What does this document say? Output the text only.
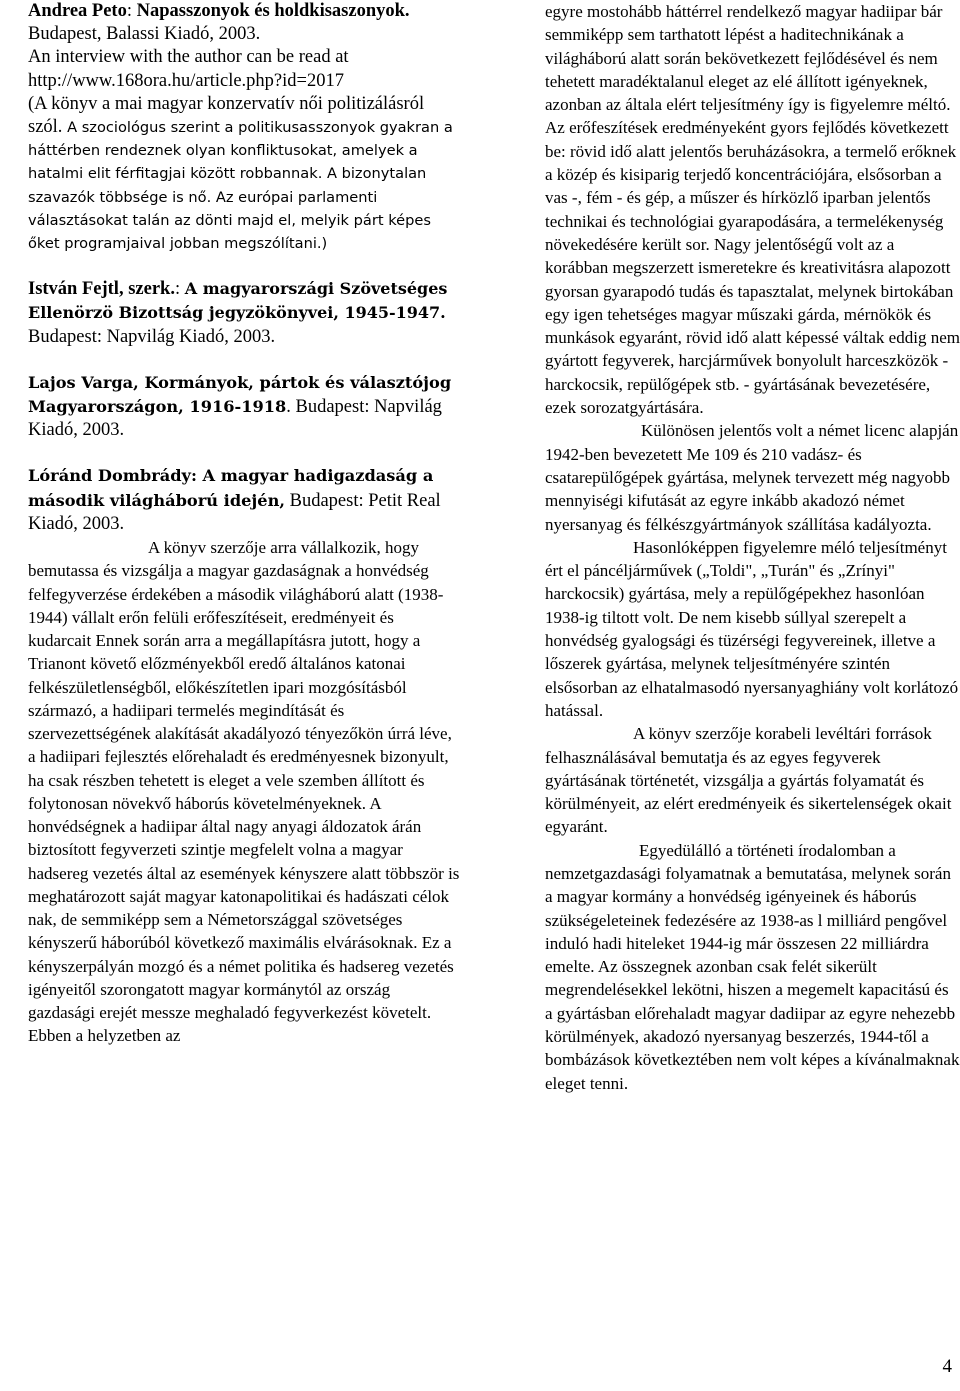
Andrea Peto: Napasszonyok és holdkisaszonyok. Budapest, Balassi Kiadó, 2003.

An interview with the author can be read at http://www.168ora.hu/article.php?id=2017

(A könyv a mai magyar konzervatív női politizálásról szól. A szociológus szerint a politikusasszonyok gyakran a háttérben rendeznek olyan konfliktusokat, amelyek a hatalmi elit férfitagjai között robbannak. A bizonytalan szavazók többsége is nő. Az európai parlamenti választásokat talán az dönti majd el, melyik párt képes őket programjaival jobban megszólítani.)

István Fejtl, szerk.: A magyarországi Szövetséges Ellenörzö Bizottság jegyzökönyvei, 1945-1947. Budapest: Napvilág Kiadó, 2003.

Lajos Varga, Kormányok, pártok és választójog Magyarországon, 1916-1918. Budapest: Napvilág Kiadó, 2003.

Lóránd Dombrády: A magyar hadigazdaság a második világháború idején, Budapest: Petit Real Kiadó, 2003.

A könyv szerzője arra vállalkozik, hogy bemutassa és vizsgálja a magyar gazdaságnak a honvédség felfegyverzése érdekében a második világháború alatt (1938-1944) vállalt erőn felüli erőfeszítéseit, eredményeit és kudarcait Ennek során arra a megállapításra jutott, hogy a Trianont követő előzményekből eredő általános katonai felkészületlenségből, előkészítetlen ipari mozgósításból származó, a hadiipari termelés megindítását és szervezettségének alakítását akadályozó tényezőkön úrrá léve, a hadiipari fejlesztés előrehaladt és eredményesnek bizonyult, ha csak részben tehetett is eleget a vele szemben állított és folytonosan növekvő háborús követelményeknek. A honvédségnek a hadiipar által nagy anyagi áldozatok árán biztosított fegyverzeti szintje megfelelt volna a magyar hadsereg vezetés által az események kényszere alatt többször is meghatározott saját magyar katonapolitikai és hadászati célok nak, de semmiképp sem a Németországgal szövetséges kényszerű háborúból következő maximális elvárásoknak. Ez a kényszerpályán mozgó és a német politika és hadsereg vezetés igényeitől szorongatott magyar kormánytól az ország gazdasági erejét messze meghaladó fegyverkezést követelt. Ebben a helyzetben az

egyre mostohább háttérrel rendelkező magyar hadiipar bár semmiképp sem tarthatott lépést a haditechnikának a világháború alatt során bekövetkezett fejlődésével és nem tehetett maradéktalanul eleget az elé állított igényeknek, azonban az általa elért teljesítmény így is figyelemre méltó. Az erőfeszítések eredményeként gyors fejlődés következett be: rövid idő alatt jelentős beruházásokra, a termelő erőknek a közép és kisiparig terjedő koncentrációjára, elsősorban a vas -, fém - és gép, a műszer és hírközlő iparban jelentős technikai és technológiai gyarapodására, a termelékenység növekedésére került sor. Nagy jelentőségű volt az a korábban megszerzett ismeretekre és kreativitásra alapozott gyorsan gyarapodó tudás és tapasztalat, melynek birtokában egy igen tehetséges magyar műszaki gárda, mérnökök és munkások egyaránt, rövid idő alatt képessé váltak eddig nem gyártott fegyverek, harcjárművek bonyolult harceszközök - harckocsik, repülőgépek stb. - gyártásának bevezetésére, ezek sorozatgyártására.

Különösen jelentős volt a német licenc alapján 1942-ben bevezetett Me 109 és 210 vadász- és csatarepülőgépek gyártása, melynek tervezett még nagyobb mennyiségi kifutását az egyre inkább akadozó német nyersanyag és félkészgyártmányok szállítása kadályozta.

Hasonlóképpen figyelemre méló teljesítményt ért el páncéljárművek („Toldi", „Turán" és „Zrínyi" harckocsik) gyártása, mely a repülőgépekhez hasonlóan 1938-ig tiltott volt. De nem kisebb súllyal szerepelt a honvédség gyalogsági és tüzérségi fegyvereinek, illetve a lőszerek gyártása, melynek teljesítményére szintén elsősorban az elhatalmasodó nyersanyaghiány volt korlátozó hatással.

A könyv szerzője korabeli levéltári források felhasználásával bemutatja és az egyes fegyverek gyártásának történetét, vizsgálja a gyártás folyamatát és körülményeit, az elért eredményeik és sikertelenségek okait egyaránt.

Egyedülálló a történeti írodalomban a nemzetgazdasági folyamatnak a bemutatása, melynek során a magyar kormány a honvédség igényeinek és háborús szükségeleteinek fedezésére az 1938-as l milliárd pengővel induló hadi hiteleket 1944-ig már összesen 22 milliárdra emelte. Az összegnek azonban csak felét sikerült megrendelésekkel lekötni, hiszen a megemelt kapacitású és a gyártásban előrehaladt magyar dadiipar az egyre nehezebb körülmények, akadozó nyersanyag beszerzés, 1944-től a bombázások következtében nem volt képes a kívánalmaknak eleget tenni.

4
